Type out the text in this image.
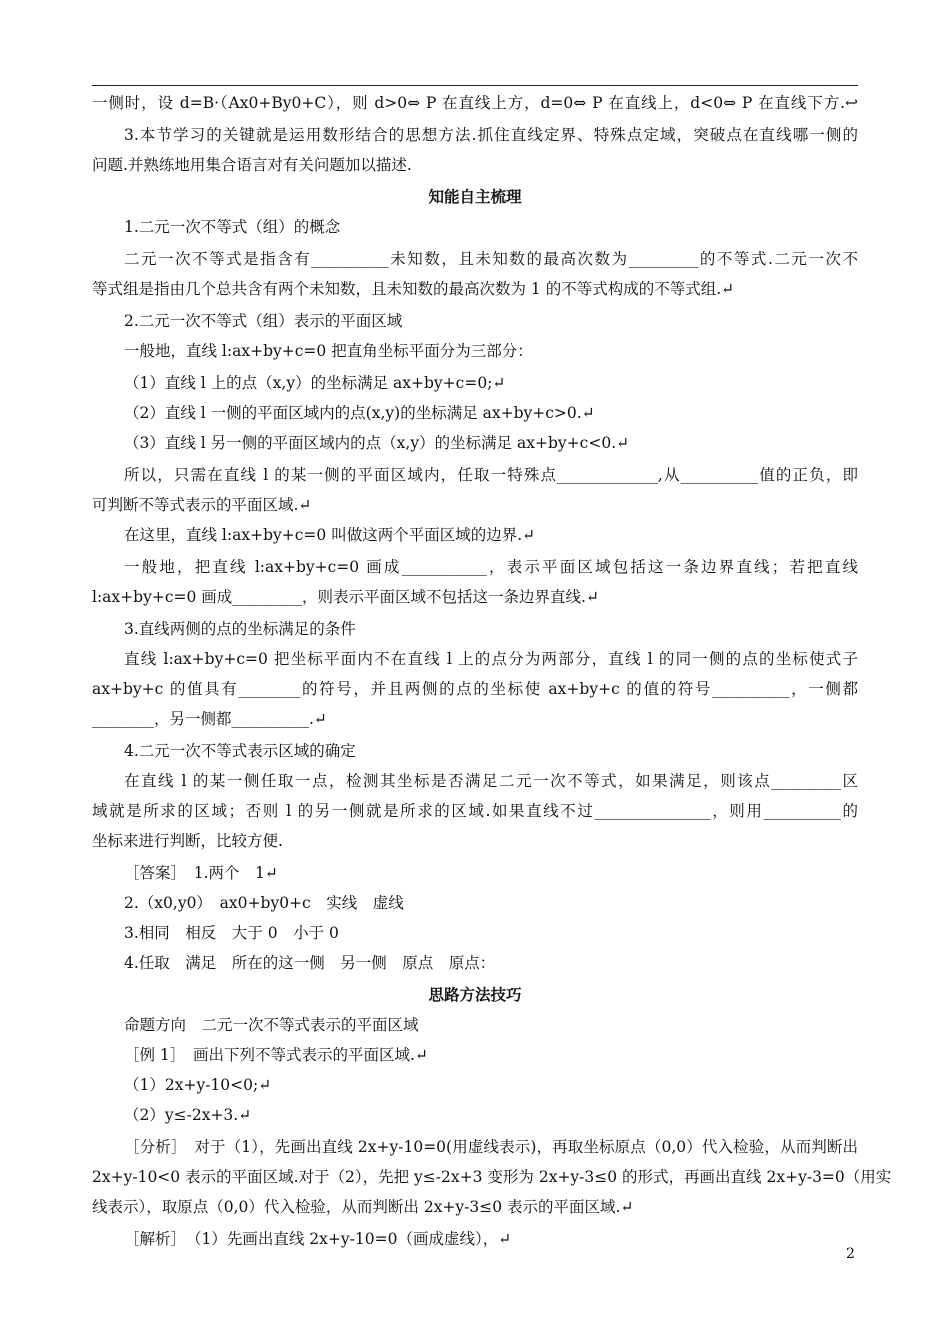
一侧时，设 d=B·（Ax0+By0+C），则 d>0⇔ P 在直线上方，d=0⇔ P 在直线上，d<0⇔ P 在直线下方.↩
3.本节学习的关键就是运用数形结合的思想方法.抓住直线定界、特殊点定域，突破点在直线哪一侧的
问题.并熟练地用集合语言对有关问题加以描述.
知能自主梳理
1.二元一次不等式（组）的概念
二元一次不等式是指含有__________未知数，且未知数的最高次数为_________的不等式.二元一次不
等式组是指由几个总共含有两个未知数，且未知数的最高次数为 1 的不等式构成的不等式组.↵
2.二元一次不等式（组）表示的平面区域
一般地，直线 l:ax+by+c=0 把直角坐标平面分为三部分：
（1）直线 l 上的点（x,y）的坐标满足 ax+by+c=0;↵
（2）直线 l 一侧的平面区域内的点(x,y)的坐标满足 ax+by+c>0.↵
（3）直线 l 另一侧的平面区域内的点（x,y）的坐标满足 ax+by+c<0.↵
所以，只需在直线 l 的某一侧的平面区域内，任取一特殊点_____________,从__________值的正负，即
可判断不等式表示的平面区域.↵
在这里，直线 l:ax+by+c=0 叫做这两个平面区域的边界.↵
一般地，把直线 l:ax+by+c=0 画成___________，表示平面区域包括这一条边界直线；若把直线
l:ax+by+c=0 画成_________，则表示平面区域不包括这一条边界直线.↵
3.直线两侧的点的坐标满足的条件
直线 l:ax+by+c=0 把坐标平面内不在直线 l 上的点分为两部分，直线 l 的同一侧的点的坐标使式子
ax+by+c 的值具有________的符号，并且两侧的点的坐标使 ax+by+c 的值的符号__________，一侧都
________，另一侧都__________.↵
4.二元一次不等式表示区域的确定
在直线 l 的某一侧任取一点，检测其坐标是否满足二元一次不等式，如果满足，则该点_________区
域就是所求的区域；否则 l 的另一侧就是所求的区域.如果直线不过_______________，则用__________的
坐标来进行判断，比较方便.
［答案］　1.两个　1↵
2.（x0,y0）　ax0+by0+c　实线　虚线
3.相同　相反　大于 0　小于 0
4.任取　满足　所在的这一侧　另一侧　原点　原点：
思路方法技巧
命题方向　二元一次不等式表示的平面区域
［例 1］　画出下列不等式表示的平面区域.↵
（1）2x+y-10<0;↵
（2）y≤-2x+3.↵
［分析］　对于（1），先画出直线 2x+y-10=0(用虚线表示)，再取坐标原点（0,0）代入检验，从而判断出
2x+y-10<0 表示的平面区域.对于（2），先把 y≤-2x+3 变形为 2x+y-3≤0 的形式，再画出直线 2x+y-3=0（用实
线表示），取原点（0,0）代入检验，从而判断出 2x+y-3≤0 表示的平面区域.↵
［解析］　（1）先画出直线 2x+y-10=0（画成虚线），↵
2
